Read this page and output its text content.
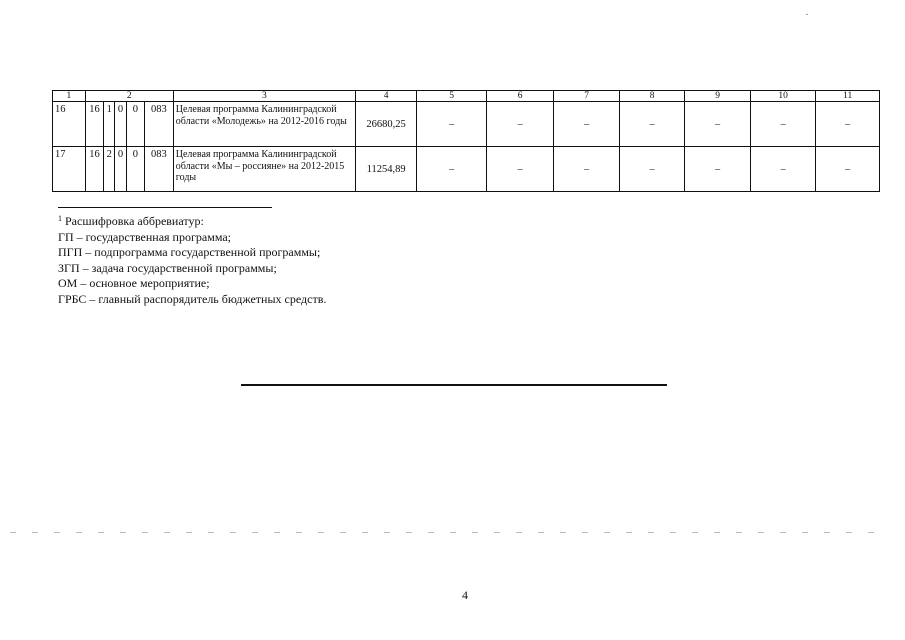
1	2					3	4	5	6	7	8	9	10	11
16	16	1	0	0	083	Целевая программа Калининградской области «Молодежь» на 2012-2016 годы	26680,25	–	–	–	–	–	–	–
17	16	2	0	0	083	Целевая программа Калининградской области «Мы – россияне» на 2012-2015 годы	11254,89	–	–	–	–	–	–	–
$^1$ Расшифровка аббревиатур:
ГП – государственная программа;
ПГП – подпрограмма государственной программы;
ЗГП – задача государственной программы;
ОМ – основное мероприятие;
ГРБС – главный распорядитель бюджетных средств.
4
